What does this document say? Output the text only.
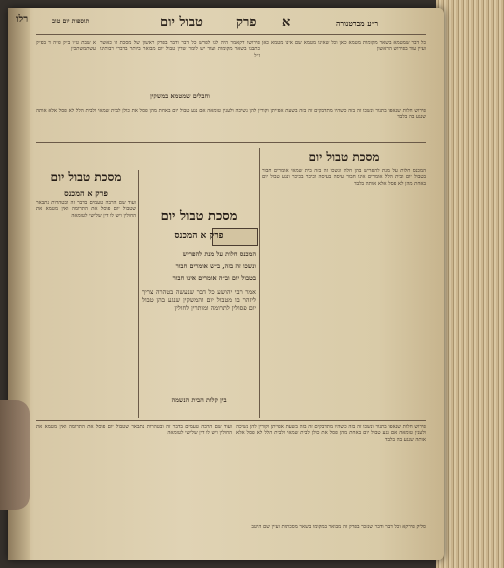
רלו	תוספות יום טוב	טבול יום	פרק א	ר״ע מברטנורה
א שבת ט״ו ב״ק פ״ה ד בפ״ק עשתמשתכין
פירושו דקאמר היה לנו לפרש כל דבר ודבר בפרק ראשון של מסכת זו כאשר כתבנו בשאר מקומות ועוד יש לומר שדין טבול יום מבואר ביותר בדברי רבותינו ז״ל
כל דבר שמטמא בשאר מקומות מטמא כאן וכל שאינו מטמא שם אינו מטמא כאן ועיין עוד בפירוש הראשון
וחבלים שמטמא במשקין
פירוש חלות שנאפו בתנור ונשכו זה בזה כשהיו מתדבקים זה בזה בשעת אפייתן וקורין להן נשיכה ולענין טומאה אם נגע טבול יום באחת מהן פסל את כולן לבית שמאי ולבית הלל לא פסל אלא אותה שנגע בה בלבד
מסכת טבול יום
המכנס חלות על מנת להפריש בהן חלה ונשכו זה בזה בית שמאי אומרים חבור בטבול יום ובית הלל אומרים אינו חבור עיסה בעיסה וכיכר בכיכר ונגע טבול יום באחת מהן לא פסל אלא אותה בלבד
מסכת טבול יום
פרק א המכנס
ועוד שם הרבה טעמים בדבר זה ובטהרות נתבאר שטבול יום פוסל את התרומה ואין מטמא את החולין ויש לו דין שלישי לטומאה	מסכת טבול יום
פרק א המכנס
המכנס חלות על מנת להפריש
ונשכו זה בזה, ב״ש אומרים חבור
בטבול יום וב״ה אומרים אינו חבור
אמר רבי יהושע כל דבר שנעשה בטהרה צריך ליזהר בו מטבול יום והמשקין שנגע בהן טבול יום פסולין לתרומה ומותרין לחולין
בין קלות הבית הנשמה
ועוד שם הרבה טעמים בדבר זה ובטהרות נתבאר שטבול יום פוסל את התרומה ואין מטמא את החולין ויש לו דין שלישי לטומאה
פירוש חלות שנאפו בתנור ונשכו זה בזה כשהיו מתדבקים זה בזה בשעת אפייתן וקורין להן נשיכה ולענין טומאה אם נגע טבול יום באחת מהן פסל את כולן לבית שמאי ולבית הלל לא פסל אלא אותה שנגע בה בלבד
סליק פירקא וכל דבר ודבר שנזכר בפרק זה מבואר במקומו בשאר מסכתות ועיין שם היטב
